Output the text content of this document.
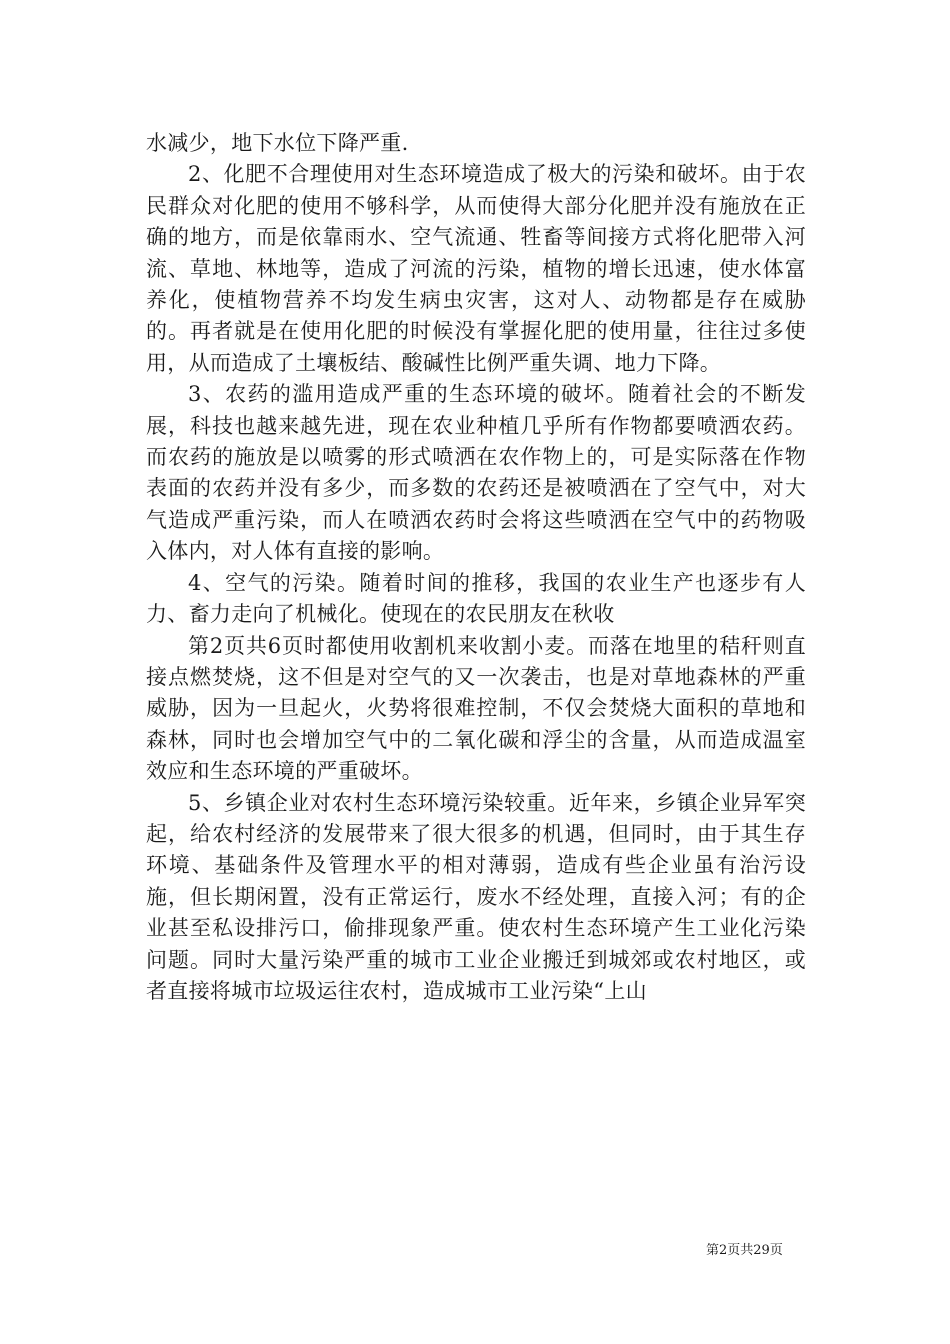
水减少，地下水位下降严重.

2、化肥不合理使用对生态环境造成了极大的污染和破坏。由于农民群众对化肥的使用不够科学，从而使得大部分化肥并没有施放在正确的地方，而是依靠雨水、空气流通、牲畜等间接方式将化肥带入河流、草地、林地等，造成了河流的污染，植物的增长迅速，使水体富养化，使植物营养不均发生病虫灾害，这对人、动物都是存在威胁的。再者就是在使用化肥的时候没有掌握化肥的使用量，往往过多使用，从而造成了土壤板结、酸碱性比例严重失调、地力下降。

3、农药的滥用造成严重的生态环境的破坏。随着社会的不断发展，科技也越来越先进，现在农业种植几乎所有作物都要喷洒农药。而农药的施放是以喷雾的形式喷洒在农作物上的，可是实际落在作物表面的农药并没有多少，而多数的农药还是被喷洒在了空气中，对大气造成严重污染，而人在喷洒农药时会将这些喷洒在空气中的药物吸入体内，对人体有直接的影响。

4、空气的污染。随着时间的推移，我国的农业生产也逐步有人力、畜力走向了机械化。使现在的农民朋友在秋收

第2页共6页时都使用收割机来收割小麦。而落在地里的秸秆则直接点燃焚烧，这不但是对空气的又一次袭击，也是对草地森林的严重威胁，因为一旦起火，火势将很难控制，不仅会焚烧大面积的草地和森林，同时也会增加空气中的二氧化碳和浮尘的含量，从而造成温室效应和生态环境的严重破坏。

5、乡镇企业对农村生态环境污染较重。近年来，乡镇企业异军突起，给农村经济的发展带来了很大很多的机遇，但同时，由于其生存环境、基础条件及管理水平的相对薄弱，造成有些企业虽有治污设施，但长期闲置，没有正常运行，废水不经处理，直接入河；有的企业甚至私设排污口，偷排现象严重。使农村生态环境产生工业化污染问题。同时大量污染严重的城市工业企业搬迁到城郊或农村地区，或者直接将城市垃圾运往农村，造成城市工业污染“上山

第2页共29页
